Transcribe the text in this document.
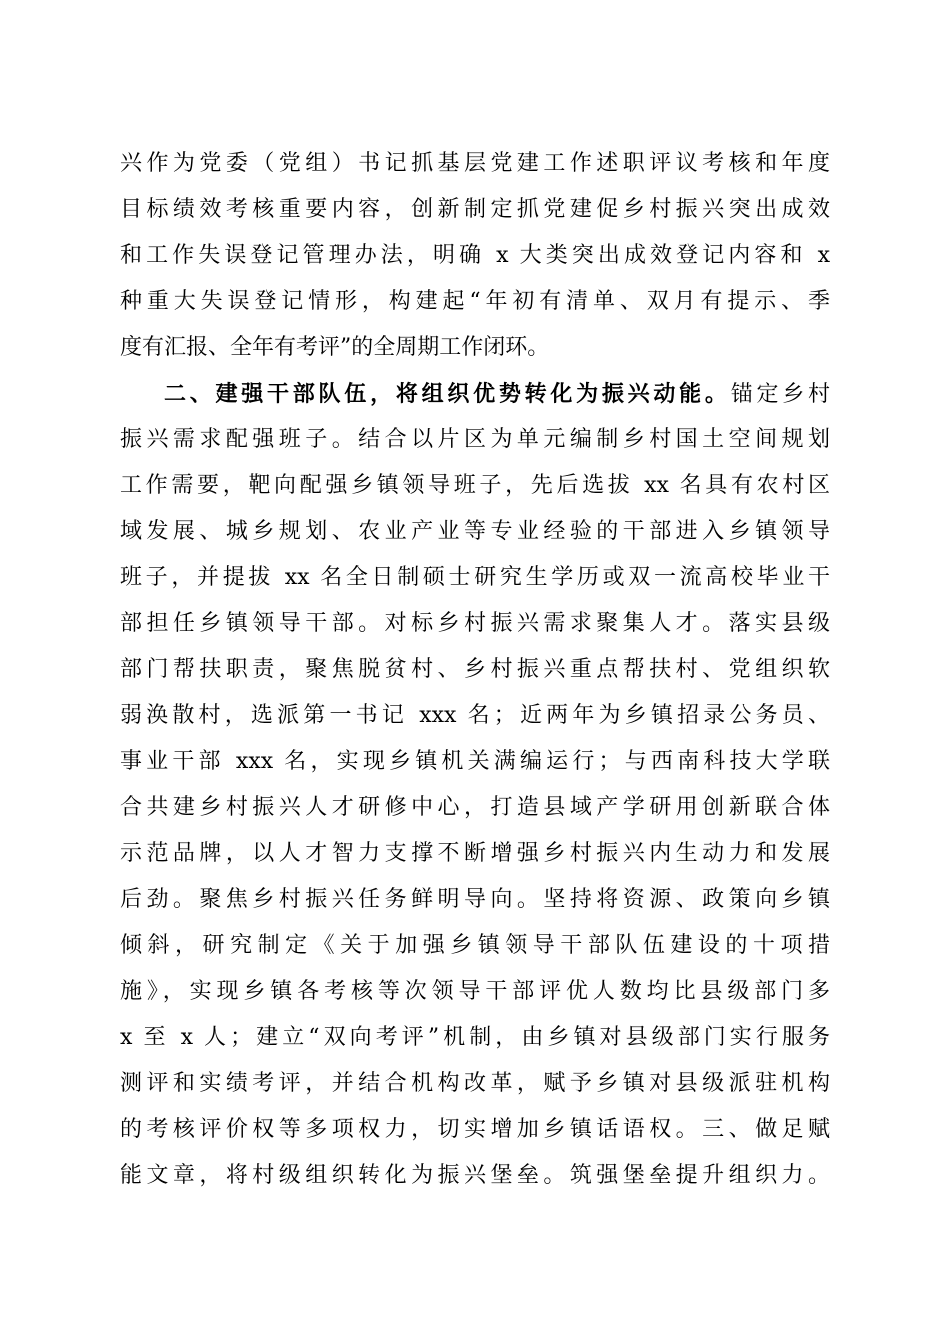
兴作为党委（党组）书记抓基层党建工作述职评议考核和年度
目标绩效考核重要内容，创新制定抓党建促乡村振兴突出成效
和工作失误登记管理办法，明确 x 大类突出成效登记内容和 x
种重大失误登记情形，构建起“年初有清单、双月有提示、季
度有汇报、全年有考评”的全周期工作闭环。
二、建强干部队伍，将组织优势转化为振兴动能。锚定乡村
振兴需求配强班子。结合以片区为单元编制乡村国土空间规划
工作需要，靶向配强乡镇领导班子，先后选拔 xx 名具有农村区
域发展、城乡规划、农业产业等专业经验的干部进入乡镇领导
班子，并提拔 xx 名全日制硕士研究生学历或双一流高校毕业干
部担任乡镇领导干部。对标乡村振兴需求聚集人才。落实县级
部门帮扶职责，聚焦脱贫村、乡村振兴重点帮扶村、党组织软
弱涣散村，选派第一书记 xxx 名；近两年为乡镇招录公务员、
事业干部 xxx 名，实现乡镇机关满编运行；与西南科技大学联
合共建乡村振兴人才研修中心，打造县域产学研用创新联合体
示范品牌，以人才智力支撑不断增强乡村振兴内生动力和发展
后劲。聚焦乡村振兴任务鲜明导向。坚持将资源、政策向乡镇
倾斜，研究制定《关于加强乡镇领导干部队伍建设的十项措
施》，实现乡镇各考核等次领导干部评优人数均比县级部门多
x 至 x 人；建立“双向考评”机制，由乡镇对县级部门实行服务
测评和实绩考评，并结合机构改革，赋予乡镇对县级派驻机构
的考核评价权等多项权力，切实增加乡镇话语权。三、做足赋
能文章，将村级组织转化为振兴堡垒。筑强堡垒提升组织力。
